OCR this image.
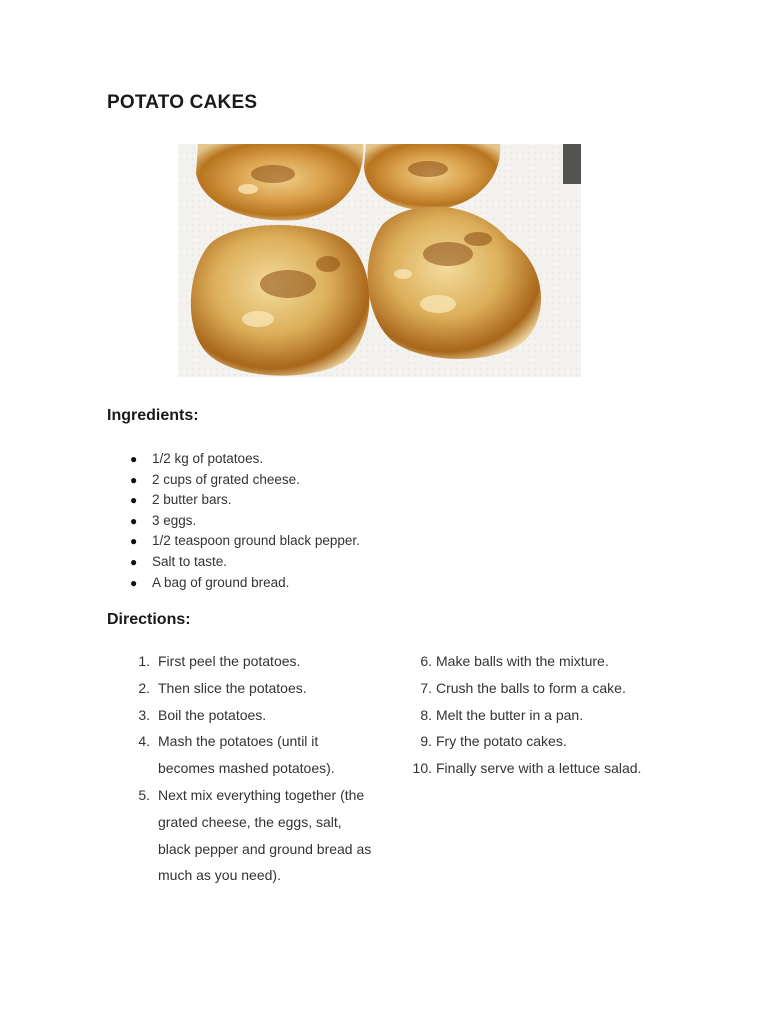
POTATO CAKES
Ingredients:
● 1/2 kg of potatoes.
● 2 cups of grated cheese.
● 2 butter bars.
● 3 eggs.
● 1/2 teaspoon ground black pepper.
● Salt to taste.
● A bag of ground bread.
Directions:
1. First peel the potatoes.
2. Then slice the potatoes.
3. Boil the potatoes.
4. Mash the potatoes (until it becomes mashed potatoes).
5. Next mix everything together (the grated cheese, the eggs, salt, black pepper and ground bread as much as you need).
6. Make balls with the mixture.
7. Crush the balls to form a cake.
8. Melt the butter in a pan.
9. Fry the potato cakes.
10. Finally serve with a lettuce salad.
